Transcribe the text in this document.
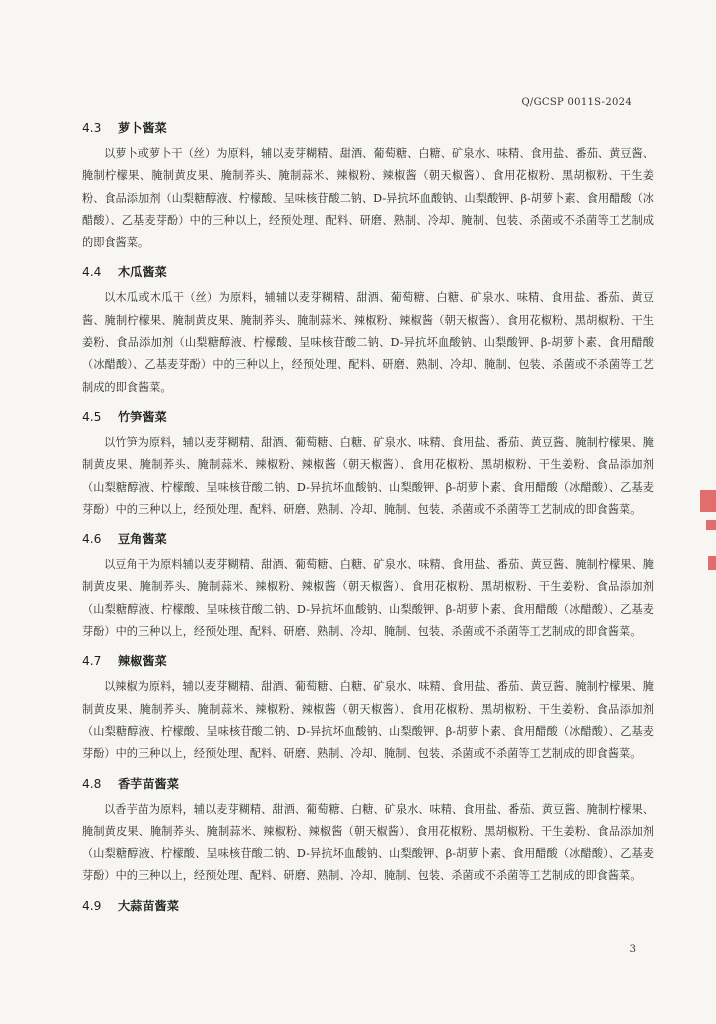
Q/GCSP 0011S-2024
4.3 萝卜酱菜

以萝卜或萝卜干（丝）为原料，辅以麦芽糊精、甜酒、葡萄糖、白糖、矿泉水、味精、食用盐、番茄、黄豆酱、腌制柠檬果、腌制黄皮果、腌制荞头、腌制蒜米、辣椒粉、辣椒酱（朝天椒酱）、食用花椒粉、黑胡椒粉、干生姜粉、食品添加剂（山梨糖醇液、柠檬酸、呈味核苷酸二钠、D-异抗坏血酸钠、山梨酸钾、β-胡萝卜素、食用醋酸（冰醋酸）、乙基麦芽酚）中的三种以上，经预处理、配料、研磨、熟制、冷却、腌制、包装、杀菌或不杀菌等工艺制成的即食酱菜。

4.4 木瓜酱菜

以木瓜或木瓜干（丝）为原料，辅辅以麦芽糊精、甜酒、葡萄糖、白糖、矿泉水、味精、食用盐、番茄、黄豆酱、腌制柠檬果、腌制黄皮果、腌制荞头、腌制蒜米、辣椒粉、辣椒酱（朝天椒酱）、食用花椒粉、黑胡椒粉、干生姜粉、食品添加剂（山梨糖醇液、柠檬酸、呈味核苷酸二钠、D-异抗坏血酸钠、山梨酸钾、β-胡萝卜素、食用醋酸（冰醋酸）、乙基麦芽酚）中的三种以上，经预处理、配料、研磨、熟制、冷却、腌制、包装、杀菌或不杀菌等工艺制成的即食酱菜。

4.5 竹笋酱菜

以竹笋为原料，辅以麦芽糊精、甜酒、葡萄糖、白糖、矿泉水、味精、食用盐、番茄、黄豆酱、腌制柠檬果、腌制黄皮果、腌制荞头、腌制蒜米、辣椒粉、辣椒酱（朝天椒酱）、食用花椒粉、黑胡椒粉、干生姜粉、食品添加剂（山梨糖醇液、柠檬酸、呈味核苷酸二钠、D-异抗坏血酸钠、山梨酸钾、β-胡萝卜素、食用醋酸（冰醋酸）、乙基麦芽酚）中的三种以上，经预处理、配料、研磨、熟制、冷却、腌制、包装、杀菌或不杀菌等工艺制成的即食酱菜。

4.6 豆角酱菜

以豆角干为原料辅以麦芽糊精、甜酒、葡萄糖、白糖、矿泉水、味精、食用盐、番茄、黄豆酱、腌制柠檬果、腌制黄皮果、腌制荞头、腌制蒜米、辣椒粉、辣椒酱（朝天椒酱）、食用花椒粉、黑胡椒粉、干生姜粉、食品添加剂（山梨糖醇液、柠檬酸、呈味核苷酸二钠、D-异抗坏血酸钠、山梨酸钾、β-胡萝卜素、食用醋酸（冰醋酸）、乙基麦芽酚）中的三种以上，经预处理、配料、研磨、熟制、冷却、腌制、包装、杀菌或不杀菌等工艺制成的即食酱菜。

4.7 辣椒酱菜

以辣椒为原料，辅以麦芽糊精、甜酒、葡萄糖、白糖、矿泉水、味精、食用盐、番茄、黄豆酱、腌制柠檬果、腌制黄皮果、腌制荞头、腌制蒜米、辣椒粉、辣椒酱（朝天椒酱）、食用花椒粉、黑胡椒粉、干生姜粉、食品添加剂（山梨糖醇液、柠檬酸、呈味核苷酸二钠、D-异抗坏血酸钠、山梨酸钾、β-胡萝卜素、食用醋酸（冰醋酸）、乙基麦芽酚）中的三种以上，经预处理、配料、研磨、熟制、冷却、腌制、包装、杀菌或不杀菌等工艺制成的即食酱菜。

4.8 香芋苗酱菜

以香芋苗为原料，辅以麦芽糊精、甜酒、葡萄糖、白糖、矿泉水、味精、食用盐、番茄、黄豆酱、腌制柠檬果、腌制黄皮果、腌制荞头、腌制蒜米、辣椒粉、辣椒酱（朝天椒酱）、食用花椒粉、黑胡椒粉、干生姜粉、食品添加剂（山梨糖醇液、柠檬酸、呈味核苷酸二钠、D-异抗坏血酸钠、山梨酸钾、β-胡萝卜素、食用醋酸（冰醋酸）、乙基麦芽酚）中的三种以上，经预处理、配料、研磨、熟制、冷却、腌制、包装、杀菌或不杀菌等工艺制成的即食酱菜。

4.9 大蒜苗酱菜
3
